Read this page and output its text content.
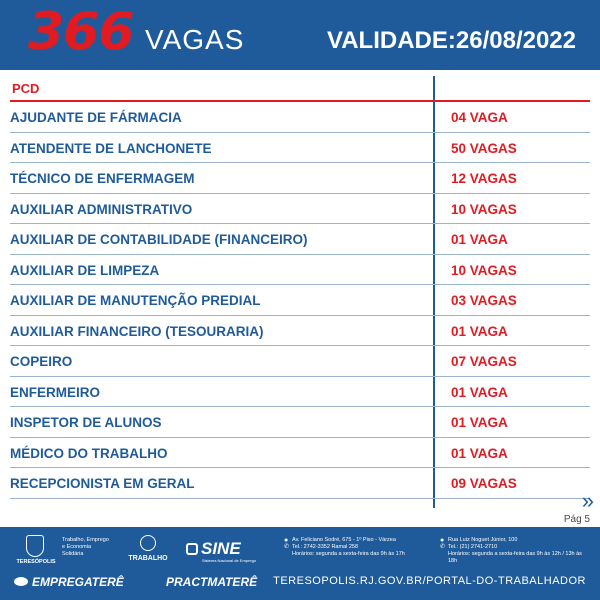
366 VAGAS	VALIDADE:26/08/2022
PCD
AJUDANTE DE FÁRMACIA	04 VAGA
ATENDENTE DE LANCHONETE	50 VAGAS
TÉCNICO DE ENFERMAGEM	12 VAGAS
AUXILIAR ADMINISTRATIVO	10 VAGAS
AUXILIAR DE CONTABILIDADE (FINANCEIRO)	01 VAGA
AUXILIAR DE LIMPEZA	10 VAGAS
AUXILIAR DE MANUTENÇÃO PREDIAL	03 VAGAS
AUXILIAR FINANCEIRO (TESOURARIA)	01 VAGA
COPEIRO	07 VAGAS
ENFERMEIRO	01 VAGA
INSPETOR DE ALUNOS	01 VAGA
MÉDICO DO TRABALHO	01 VAGA
RECEPCIONISTA EM GERAL	09 VAGAS
»
Pág 5
TERESÓPOLIS
Trabalho, Emprego e Economia Solidária
TRABALHO
SINE
Sistema Nacional de Emprego
●
✆
Av. Feliciano Sodré, 675 - 1º Piso - Várzea
Tel.: 2742-3352 Ramal 258
Horários: segunda a sexta-feira das 9h às 17h
●
✆
Rua Luiz Noguet Júnior, 100
Tel.: (21) 2741-2710
Horários: segunda a sexta-feira das 9h às 12h / 13h às 18h
EMPREGATERÊ	PRACTMATERÊ TERESOPOLIS.RJ.GOV.BR/PORTAL-DO-TRABALHADOR
